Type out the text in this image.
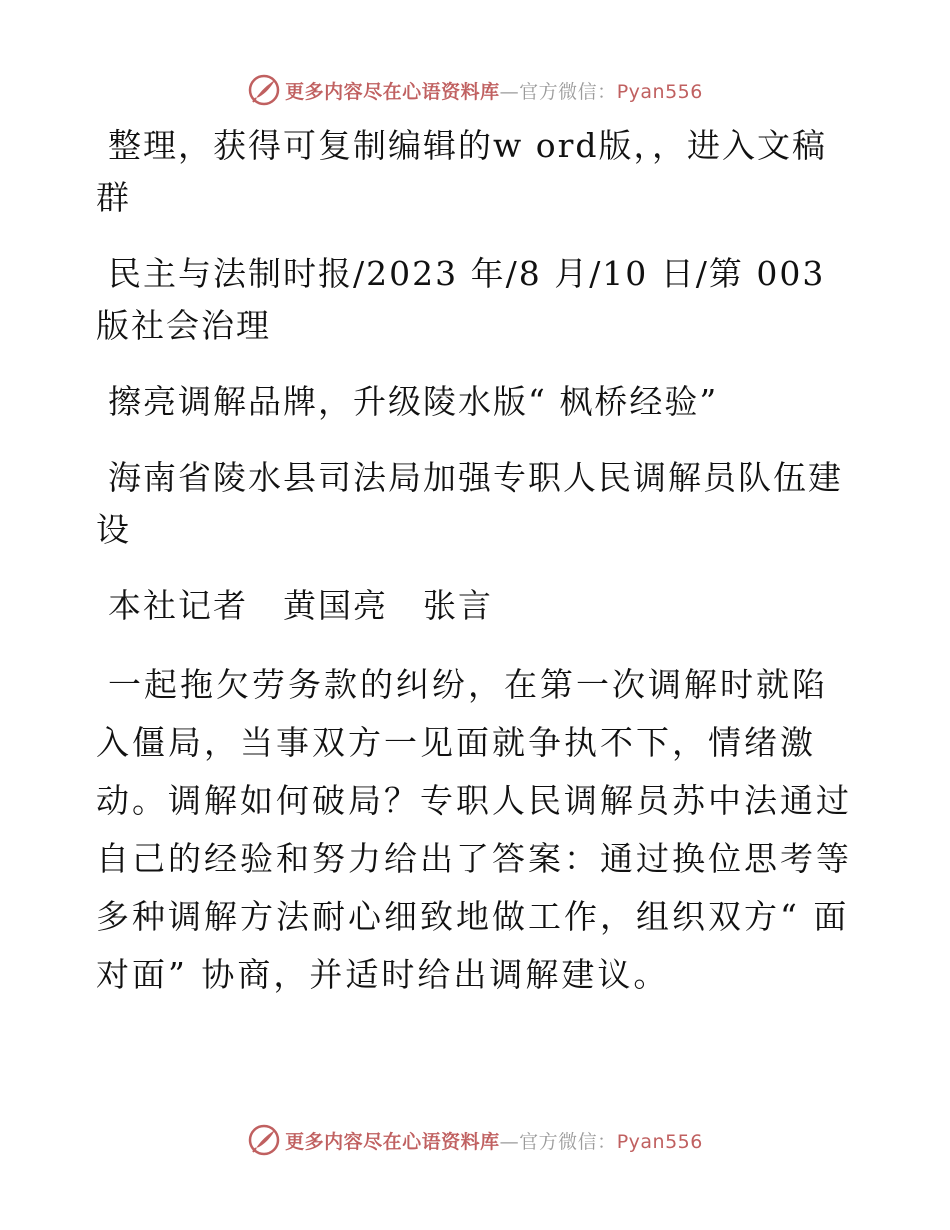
更多内容尽在心语资料库—官方微信：Pyan556

整理，获得可复制编辑的w ord版，，进入文稿群

民主与法制时报/2023 年/8 月/10 日/第 003 版社会治理

擦亮调解品牌，升级陵水版“ 枫桥经验”

海南省陵水县司法局加强专职人民调解员队伍建设

本社记者　黄国亮　张言

一起拖欠劳务款的纠纷，在第一次调解时就陷入僵局，当事双方一见面就争执不下，情绪激动。调解如何破局？专职人民调解员苏中法通过自己的经验和努力给出了答案：通过换位思考等多种调解方法耐心细致地做工作，组织双方“ 面对面” 协商，并适时给出调解建议。

更多内容尽在心语资料库—官方微信：Pyan556
